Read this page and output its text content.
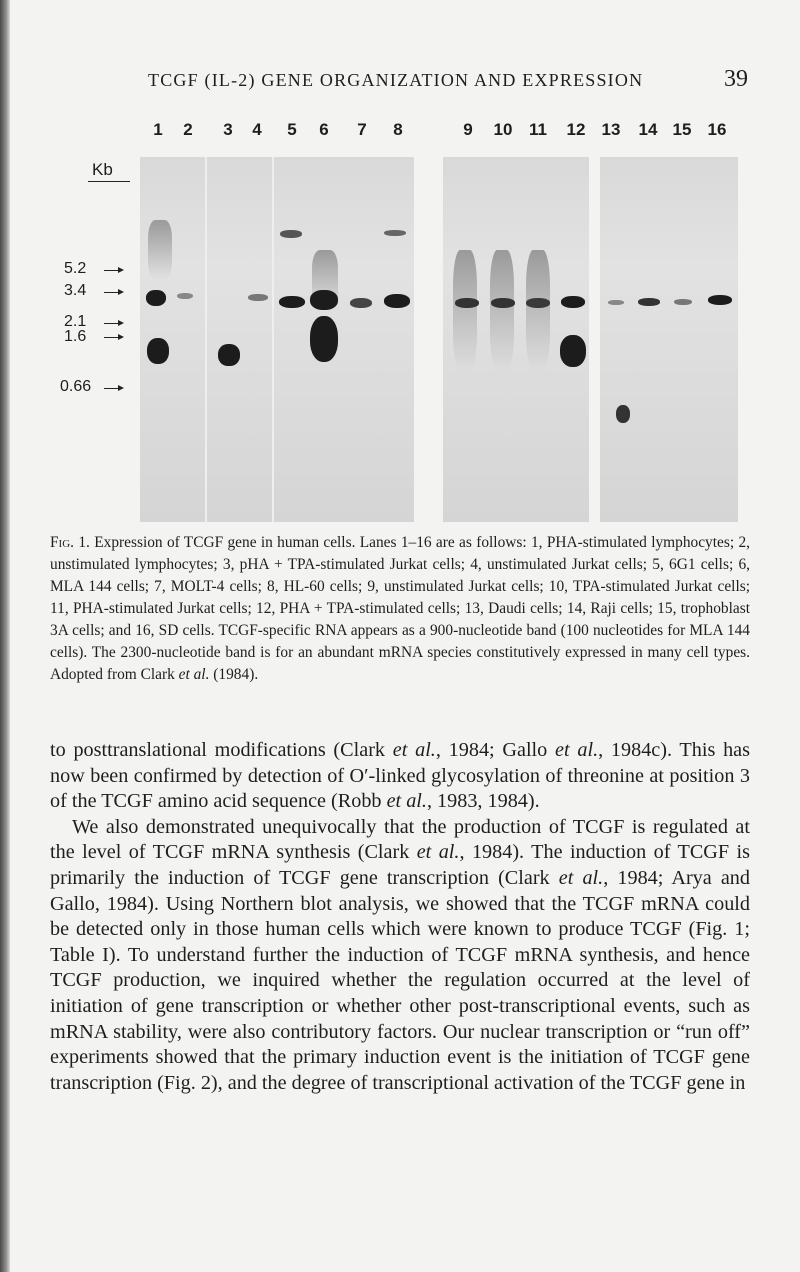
TCGF (IL-2) GENE ORGANIZATION AND EXPRESSION	39
1 2 3 4 5 6 7 8	9 10 11 12 13 14 15 16
Kb
5.2
3.4
2.1
1.6
0.66
Fig. 1. Expression of TCGF gene in human cells. Lanes 1–16 are as follows: 1, PHA-stimulated lymphocytes; 2, unstimulated lymphocytes; 3, pHA + TPA-stimulated Jurkat cells; 4, unstimulated Jurkat cells; 5, 6G1 cells; 6, MLA 144 cells; 7, MOLT-4 cells; 8, HL-60 cells; 9, unstimulated Jurkat cells; 10, TPA-stimulated Jurkat cells; 11, PHA-stimulated Jurkat cells; 12, PHA + TPA-stimulated cells; 13, Daudi cells; 14, Raji cells; 15, trophoblast 3A cells; and 16, SD cells. TCGF-specific RNA appears as a 900-nucleotide band (100 nucleotides for MLA 144 cells). The 2300-nucleotide band is for an abundant mRNA species constitutively expressed in many cell types. Adopted from Clark et al. (1984).

to posttranslational modifications (Clark et al., 1984; Gallo et al., 1984c). This has now been confirmed by detection of O′-linked glycosylation of threonine at position 3 of the TCGF amino acid sequence (Robb et al., 1983, 1984).

We also demonstrated unequivocally that the production of TCGF is regulated at the level of TCGF mRNA synthesis (Clark et al., 1984). The induction of TCGF is primarily the induction of TCGF gene transcription (Clark et al., 1984; Arya and Gallo, 1984). Using Northern blot analysis, we showed that the TCGF mRNA could be detected only in those human cells which were known to produce TCGF (Fig. 1; Table I). To understand further the induction of TCGF mRNA synthesis, and hence TCGF production, we inquired whether the regulation occurred at the level of initiation of gene transcription or whether other post-transcriptional events, such as mRNA stability, were also contributory factors. Our nuclear transcription or “run off” experiments showed that the primary induction event is the initiation of TCGF gene transcription (Fig. 2), and the degree of transcriptional activation of the TCGF gene in
